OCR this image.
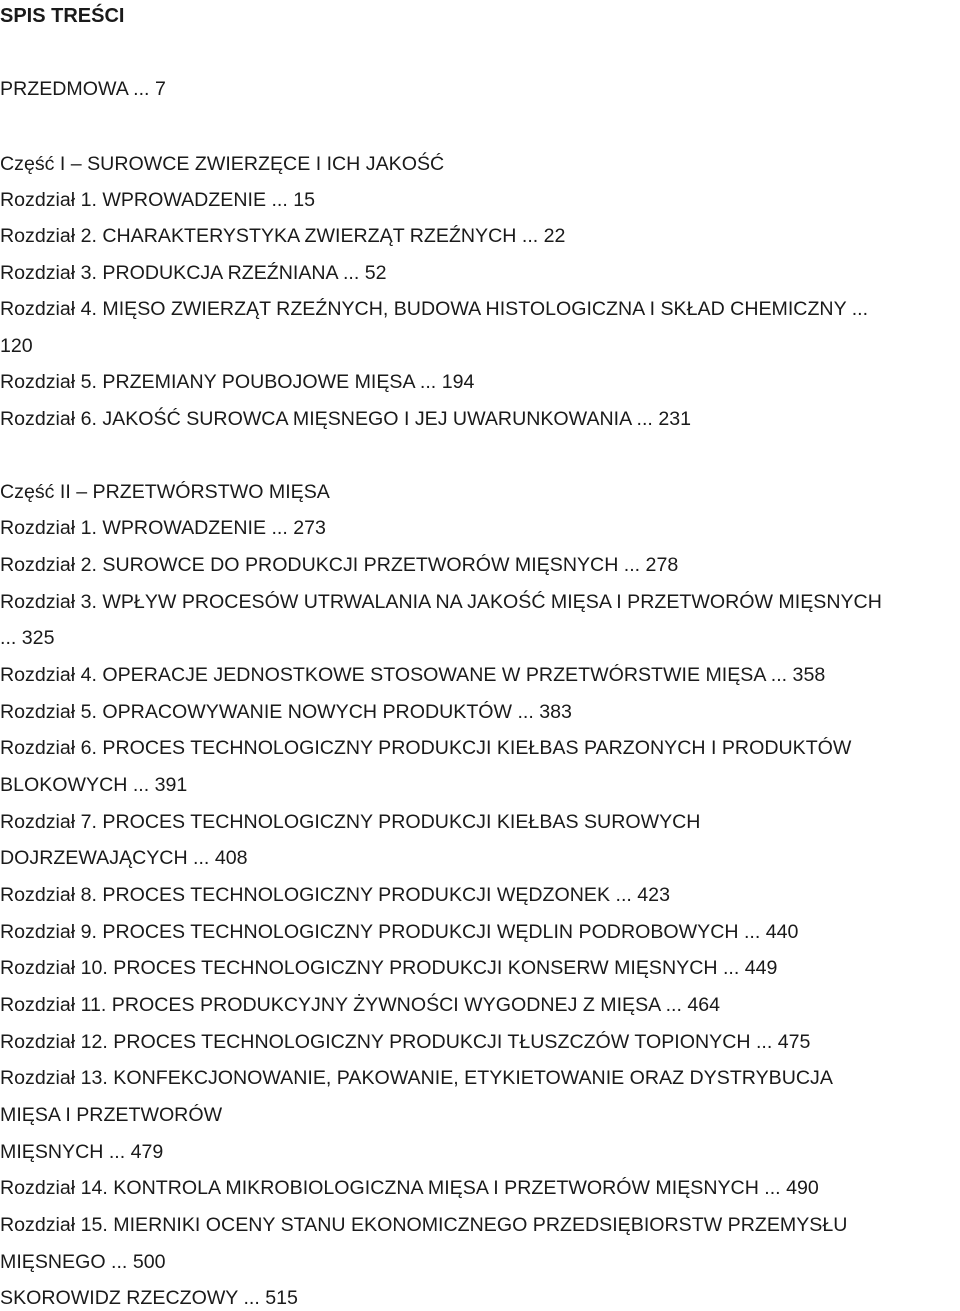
SPIS TREŚCI

PRZEDMOWA ... 7

Część I – SUROWCE ZWIERZĘCE I ICH JAKOŚĆ

Rozdział 1. WPROWADZENIE ... 15

Rozdział 2. CHARAKTERYSTYKA ZWIERZĄT RZEŹNYCH ... 22

Rozdział 3. PRODUKCJA RZEŹNIANA ... 52

Rozdział 4. MIĘSO ZWIERZĄT RZEŹNYCH, BUDOWA HISTOLOGICZNA I SKŁAD CHEMICZNY ...

120

Rozdział 5. PRZEMIANY POUBOJOWE MIĘSA ... 194

Rozdział 6. JAKOŚĆ SUROWCA MIĘSNEGO I JEJ UWARUNKOWANIA ... 231

Część II – PRZETWÓRSTWO MIĘSA

Rozdział 1. WPROWADZENIE ... 273

Rozdział 2. SUROWCE DO PRODUKCJI PRZETWORÓW MIĘSNYCH ... 278

Rozdział 3. WPŁYW PROCESÓW UTRWALANIA NA JAKOŚĆ MIĘSA I PRZETWORÓW MIĘSNYCH

... 325

Rozdział 4. OPERACJE JEDNOSTKOWE STOSOWANE W PRZETWÓRSTWIE MIĘSA ... 358

Rozdział 5. OPRACOWYWANIE NOWYCH PRODUKTÓW ... 383

Rozdział 6. PROCES TECHNOLOGICZNY PRODUKCJI KIEŁBAS PARZONYCH I PRODUKTÓW

BLOKOWYCH ... 391

Rozdział 7. PROCES TECHNOLOGICZNY PRODUKCJI KIEŁBAS SUROWYCH

DOJRZEWAJĄCYCH ... 408

Rozdział 8. PROCES TECHNOLOGICZNY PRODUKCJI WĘDZONEK ... 423

Rozdział 9. PROCES TECHNOLOGICZNY PRODUKCJI WĘDLIN PODROBOWYCH ... 440

Rozdział 10. PROCES TECHNOLOGICZNY PRODUKCJI KONSERW MIĘSNYCH ... 449

Rozdział 11. PROCES PRODUKCYJNY ŻYWNOŚCI WYGODNEJ Z MIĘSA ... 464

Rozdział 12. PROCES TECHNOLOGICZNY PRODUKCJI TŁUSZCZÓW TOPIONYCH ... 475

Rozdział 13. KONFEKCJONOWANIE, PAKOWANIE, ETYKIETOWANIE ORAZ DYSTRYBUCJA

MIĘSA I PRZETWORÓW

MIĘSNYCH ... 479

Rozdział 14. KONTROLA MIKROBIOLOGICZNA MIĘSA I PRZETWORÓW MIĘSNYCH ... 490

Rozdział 15. MIERNIKI OCENY STANU EKONOMICZNEGO PRZEDSIĘBIORSTW PRZEMYSŁU

MIĘSNEGO ... 500

SKOROWIDZ RZECZOWY ... 515
